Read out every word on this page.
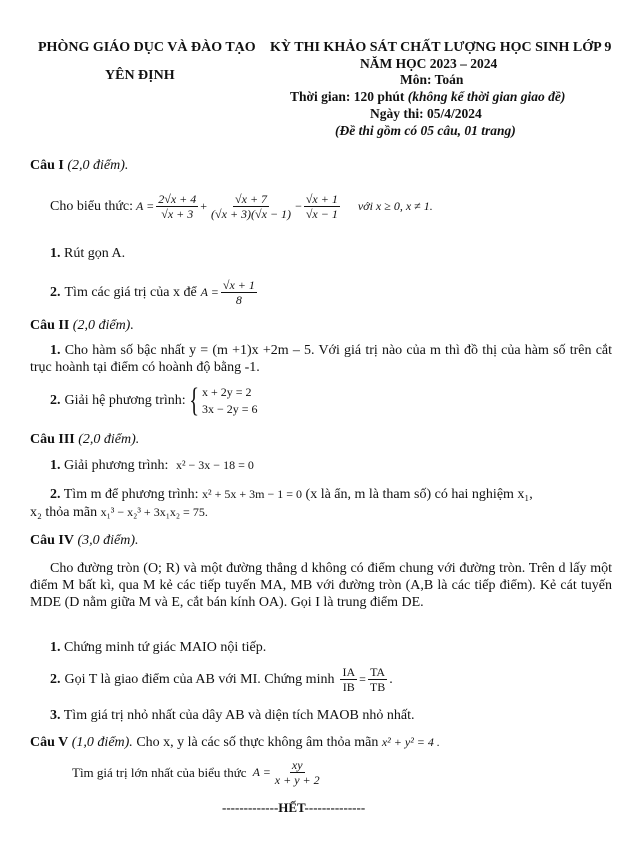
PHÒNG GIÁO DỤC VÀ ĐÀO TẠO
YÊN ĐỊNH
KỲ THI KHẢO SÁT CHẤT LƯỢNG HỌC SINH LỚP 9
NĂM HỌC 2023 – 2024
Môn: Toán
Thời gian: 120 phút (không kể thời gian giao đề)
Ngày thi: 05/4/2024
(Đề thi gồm có 05 câu, 01 trang)
Câu I (2,0 điểm).
Cho biểu thức: $A = \frac{2√x + 4}{√x + 3} + \frac{√x + 7}{(√x + 3)(√x - 1)} - \frac{√x + 1}{√x - 1}$ với x ≥ 0, x ≠ 1.
1. Rút gọn A.
2. Tìm các giá trị của x để $A = \frac{√x + 1}{8}$
Câu II (2,0 điểm).
1. Cho hàm số bậc nhất y = (m +1)x +2m – 5. Với giá trị nào của m thì đồ thị của hàm số trên cắt trục hoành tại điểm có hoành độ bằng -1.
2. Giải hệ phương trình: { x + 2y = 2
3x − 2y = 6
Câu III (2,0 điểm).
1. Giải phương trình: x² − 3x − 18 = 0
2. Tìm m để phương trình: x² + 5x + 3m − 1 = 0 (x là ẩn, m là tham số) có hai nghiệm x₁,
x₂ thỏa mãn x₁³ − x₂³ + 3x₁x₂ = 75.
Câu IV (3,0 điểm).
Cho đường tròn (O; R) và một đường thẳng d không có điểm chung với đường tròn. Trên d lấy một điểm M bất kì, qua M kẻ các tiếp tuyến MA, MB với đường tròn (A,B là các tiếp điểm). Kẻ cát tuyến MDE (D nằm giữa M và E, cắt bán kính OA). Gọi I là trung điểm DE.
1. Chứng minh tứ giác MAIO nội tiếp.
2. Gọi T là giao điểm của AB với MI. Chứng minh $\frac{IA}{IB} = \frac{TA}{TB}$ .
3. Tìm giá trị nhỏ nhất của dây AB và diện tích MAOB nhỏ nhất.
Câu V (1,0 điểm). Cho x, y là các số thực không âm thỏa mãn x² + y² = 4 .
Tìm giá trị lớn nhất của biểu thức $A = \frac{xy}{x + y + 2}$
-------------HẾT--------------
